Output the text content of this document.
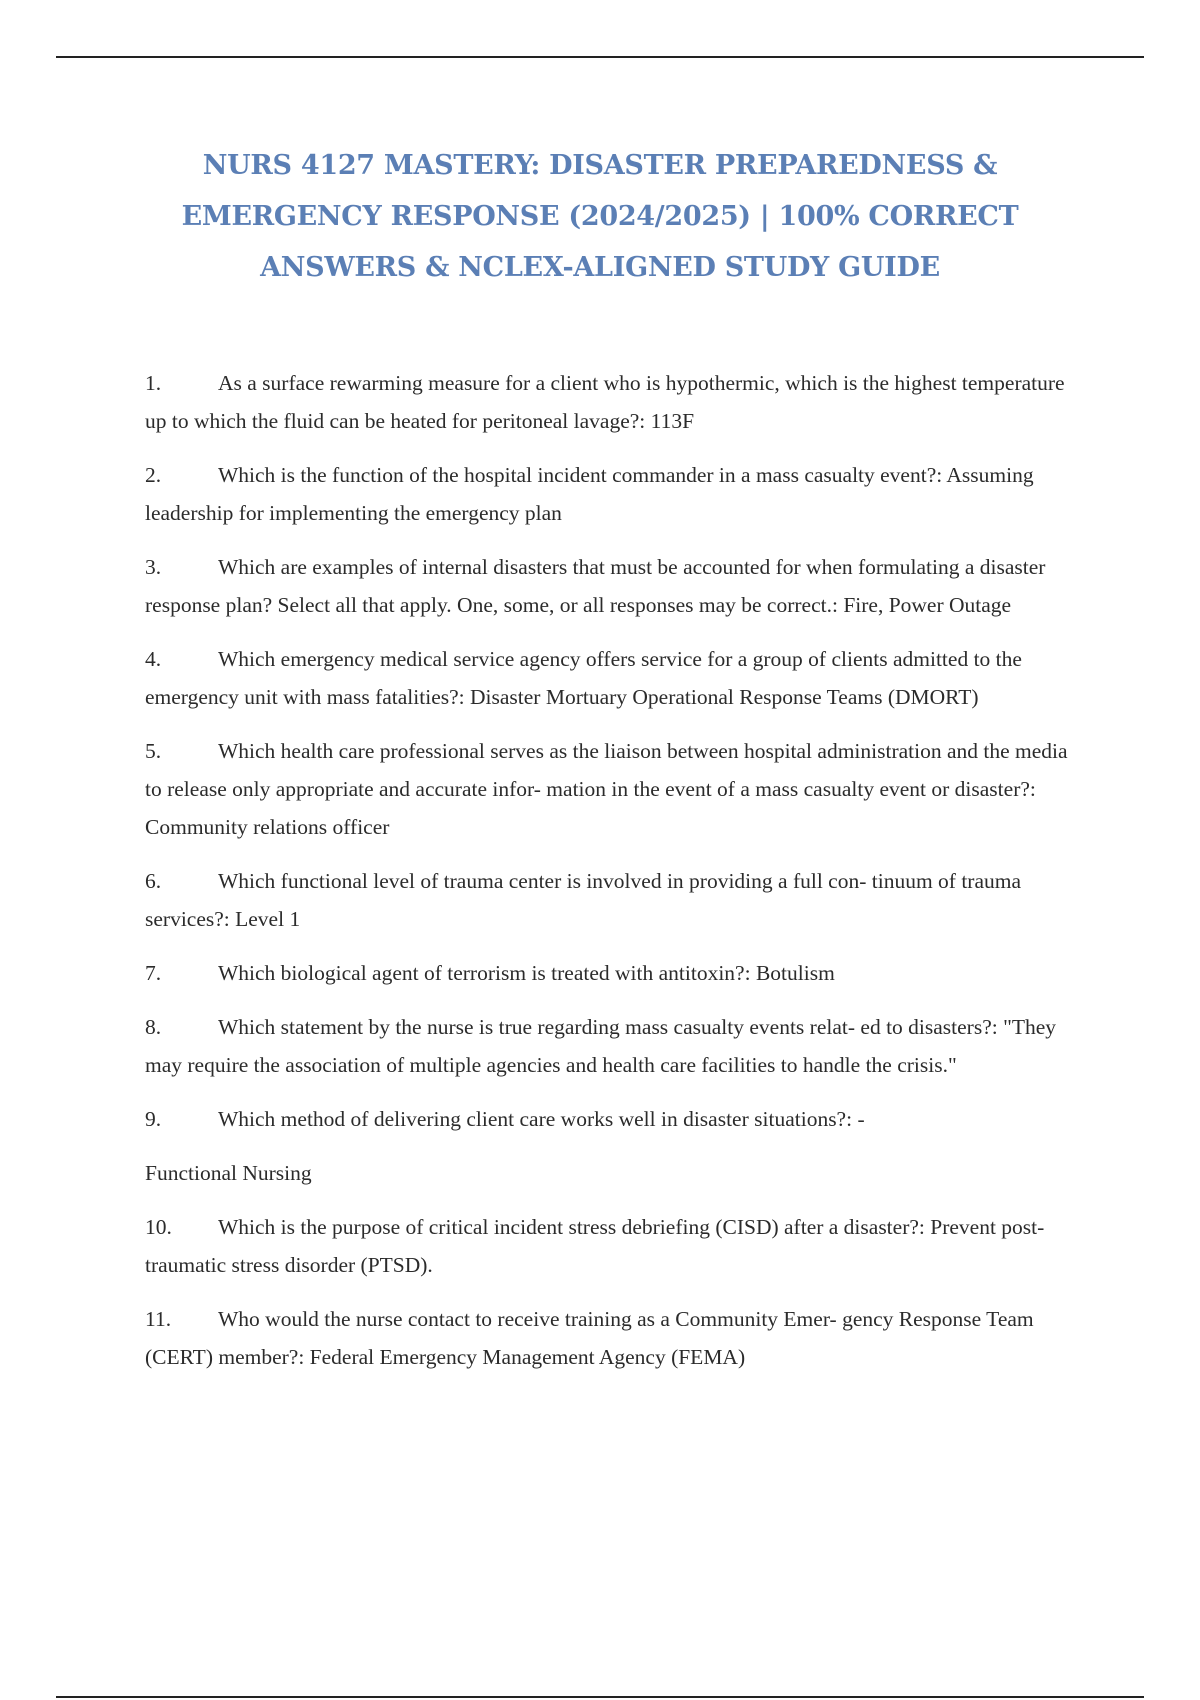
NURS 4127 MASTERY: DISASTER PREPAREDNESS & EMERGENCY RESPONSE (2024/2025) | 100% CORRECT ANSWERS & NCLEX-ALIGNED STUDY GUIDE

1.	As a surface rewarming measure for a client who is hypothermic, which is the highest temperature up to which the fluid can be heated for peritoneal lavage?: 113F

2.	Which is the function of the hospital incident commander in a mass casualty event?: Assuming leadership for implementing the emergency plan

3.	Which are examples of internal disasters that must be accounted for when formulating a disaster response plan? Select all that apply. One, some, or all responses may be correct.: Fire, Power Outage

4.	Which emergency medical service agency offers service for a group of clients admitted to the emergency unit with mass fatalities?: Disaster Mortuary Operational Response Teams (DMORT)

5.	Which health care professional serves as the liaison between hospital administration and the media to release only appropriate and accurate infor- mation in the event of a mass casualty event or disaster?: Community relations officer

6.	Which functional level of trauma center is involved in providing a full con- tinuum of trauma services?: Level 1

7.	Which biological agent of terrorism is treated with antitoxin?: Botulism

8.	Which statement by the nurse is true regarding mass casualty events relat- ed to disasters?: "They may require the association of multiple agencies and health care facilities to handle the crisis."

9.	Which method of delivering client care works well in disaster situations?: -

Functional Nursing

10. Which is the purpose of critical incident stress debriefing (CISD) after a disaster?: Prevent post- traumatic stress disorder (PTSD).

11. Who would the nurse contact to receive training as a Community Emer- gency Response Team (CERT) member?: Federal Emergency Management Agency (FEMA)
